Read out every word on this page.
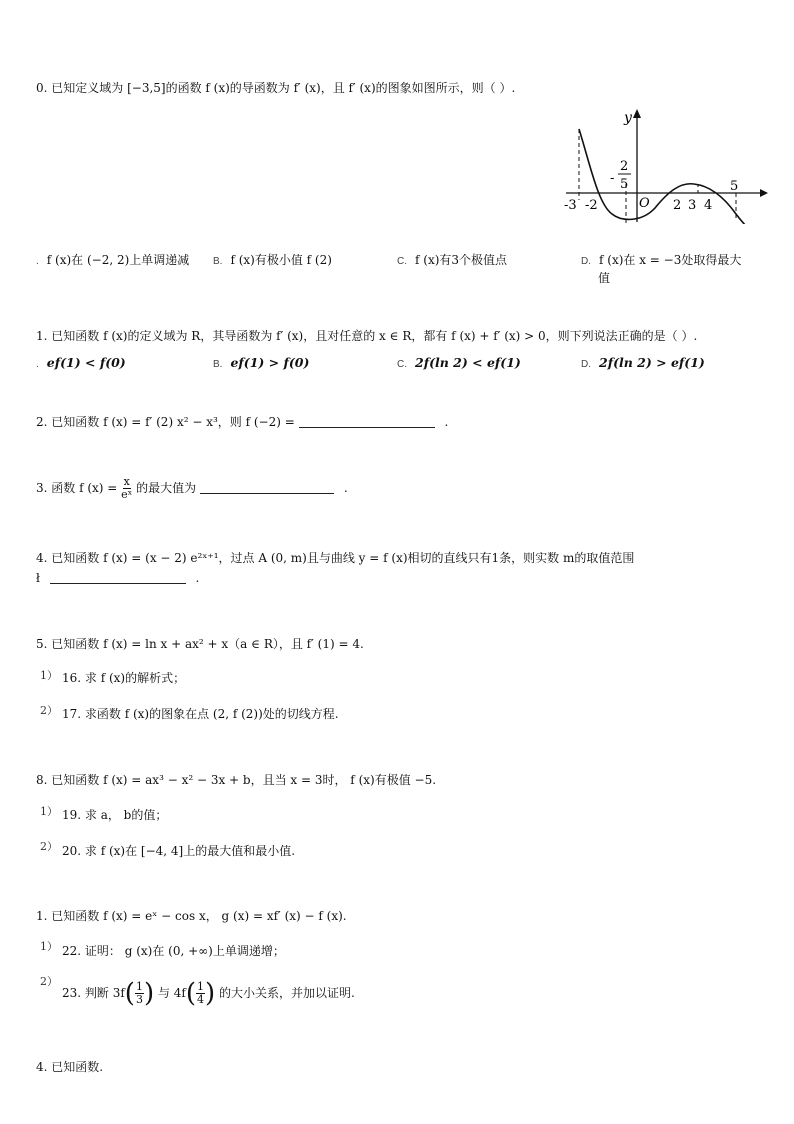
0. 已知定义域为 [−3,5]的函数 f (x)的导函数为 f′ (x)，且 f′ (x)的图象如图所示，则（ ）.
y
O
-3 -2	2 3 4
5
-
2
5
. f (x)在 (−2, 2)上单调递减 B. f (x)有极小值 f (2)	C. f (x)有3个极值点	D. f (x)在 x = −3处取得最大
值
1. 已知函数 f (x)的定义域为 R，其导函数为 f′ (x)，且对任意的 x ∈ R，都有 f (x) + f′ (x) > 0，则下列说法正确的是（ ）.
. ef(1) < f(0)	B. ef(1) > f(0)	C. 2f(ln 2) < ef(1)	D. 2f(ln 2) > ef(1)
2. 已知函数 f (x) = f′ (2) x² − x³，则 f (−2) =	.
3. 函数 f $(x) = \frac{x}{\text{eˣ}}$ 的最大值为	.
4. 已知函数 f (x) = (x − 2) e²ˣ⁺¹，过点 A (0, m)且与曲线 y = f (x)相切的直线只有1条，则实数 m的取值范围
ł	.
5. 已知函数 f (x) = ln x + ax² + x（a ∈ R），且 f′ (1) = 4.
1） 16. 求 f (x)的解析式；
2） 17. 求函数 f (x)的图象在点 (2, f (2))处的切线方程.
8. 已知函数 f (x) = ax³ − x² − 3x + b，且当 x = 3时， f (x)有极值 −5.
1） 19. 求 a， b的值；
2） 20. 求 f (x)在 [−4, 4]上的最大值和最小值.
1. 已知函数 f (x) = eˣ − cos x， g (x) = xf′ (x) − f (x).
1） 22. 证明： g (x)在 (0, +∞)上单调递增；
2）
23. 判断 $3f( \frac{1}{3}$ ) 与 $4f( \frac{1}{4}$ ) 的大小关系，并加以证明.
4. 已知函数.
